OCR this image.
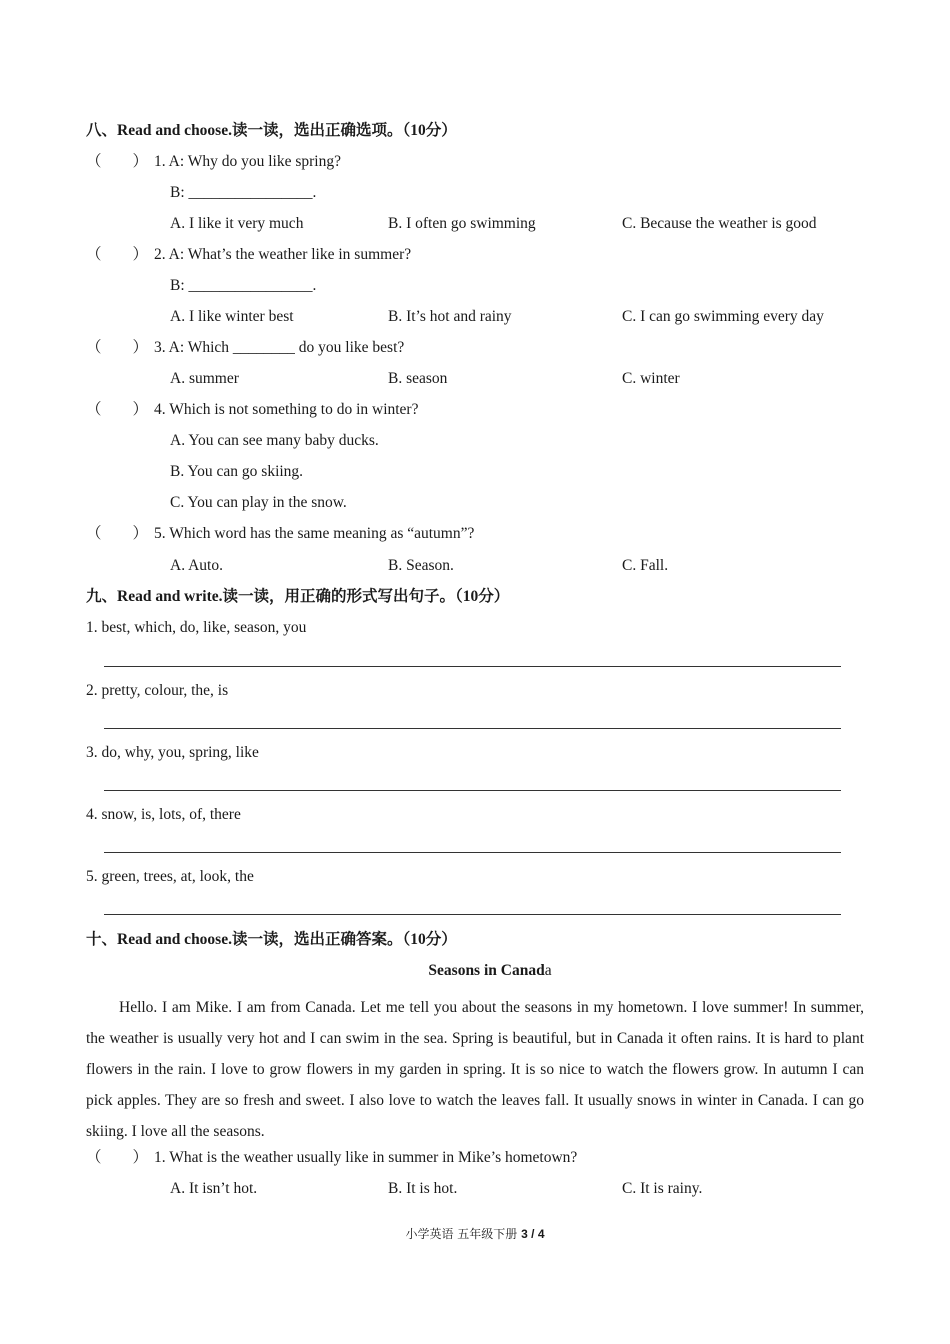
八、Read and choose.读一读，选出正确选项。（10分）
（　　） 1. A: Why do you like spring?
B: ________________.
A. I like it very much	B. I often go swimming	C. Because the weather is good
（　　） 2. A: What’s the weather like in summer?
B: ________________.
A. I like winter best	B. It’s hot and rainy	C. I can go swimming every day
（　　） 3. A: Which ________ do you like best?
A. summer	B. season	C. winter
（　　） 4. Which is not something to do in winter?
A. You can see many baby ducks.
B. You can go skiing.
C. You can play in the snow.
（　　） 5. Which word has the same meaning as “autumn”?
A. Auto.	B. Season.	C. Fall.
九、Read and write.读一读，用正确的形式写出句子。（10分）
1. best, which, do, like, season, you
2. pretty, colour, the, is
3. do, why, you, spring, like
4. snow, is, lots, of, there
5. green, trees, at, look, the
十、Read and choose.读一读，选出正确答案。（10分）
Seasons in Canada
Hello. I am Mike. I am from Canada. Let me tell you about the seasons in my hometown. I love summer! In summer, the weather is usually very hot and I can swim in the sea. Spring is beautiful, but in Canada it often rains. It is hard to plant flowers in the rain. I love to grow flowers in my garden in spring. It is so nice to watch the flowers grow. In autumn I can pick apples. They are so fresh and sweet. I also love to watch the leaves fall. It usually snows in winter in Canada. I can go skiing. I love all the seasons.
（　　） 1. What is the weather usually like in summer in Mike’s hometown?
A. It isn’t hot.	B. It is hot.	C. It is rainy.
小学英语 五年级下册 3 / 4
